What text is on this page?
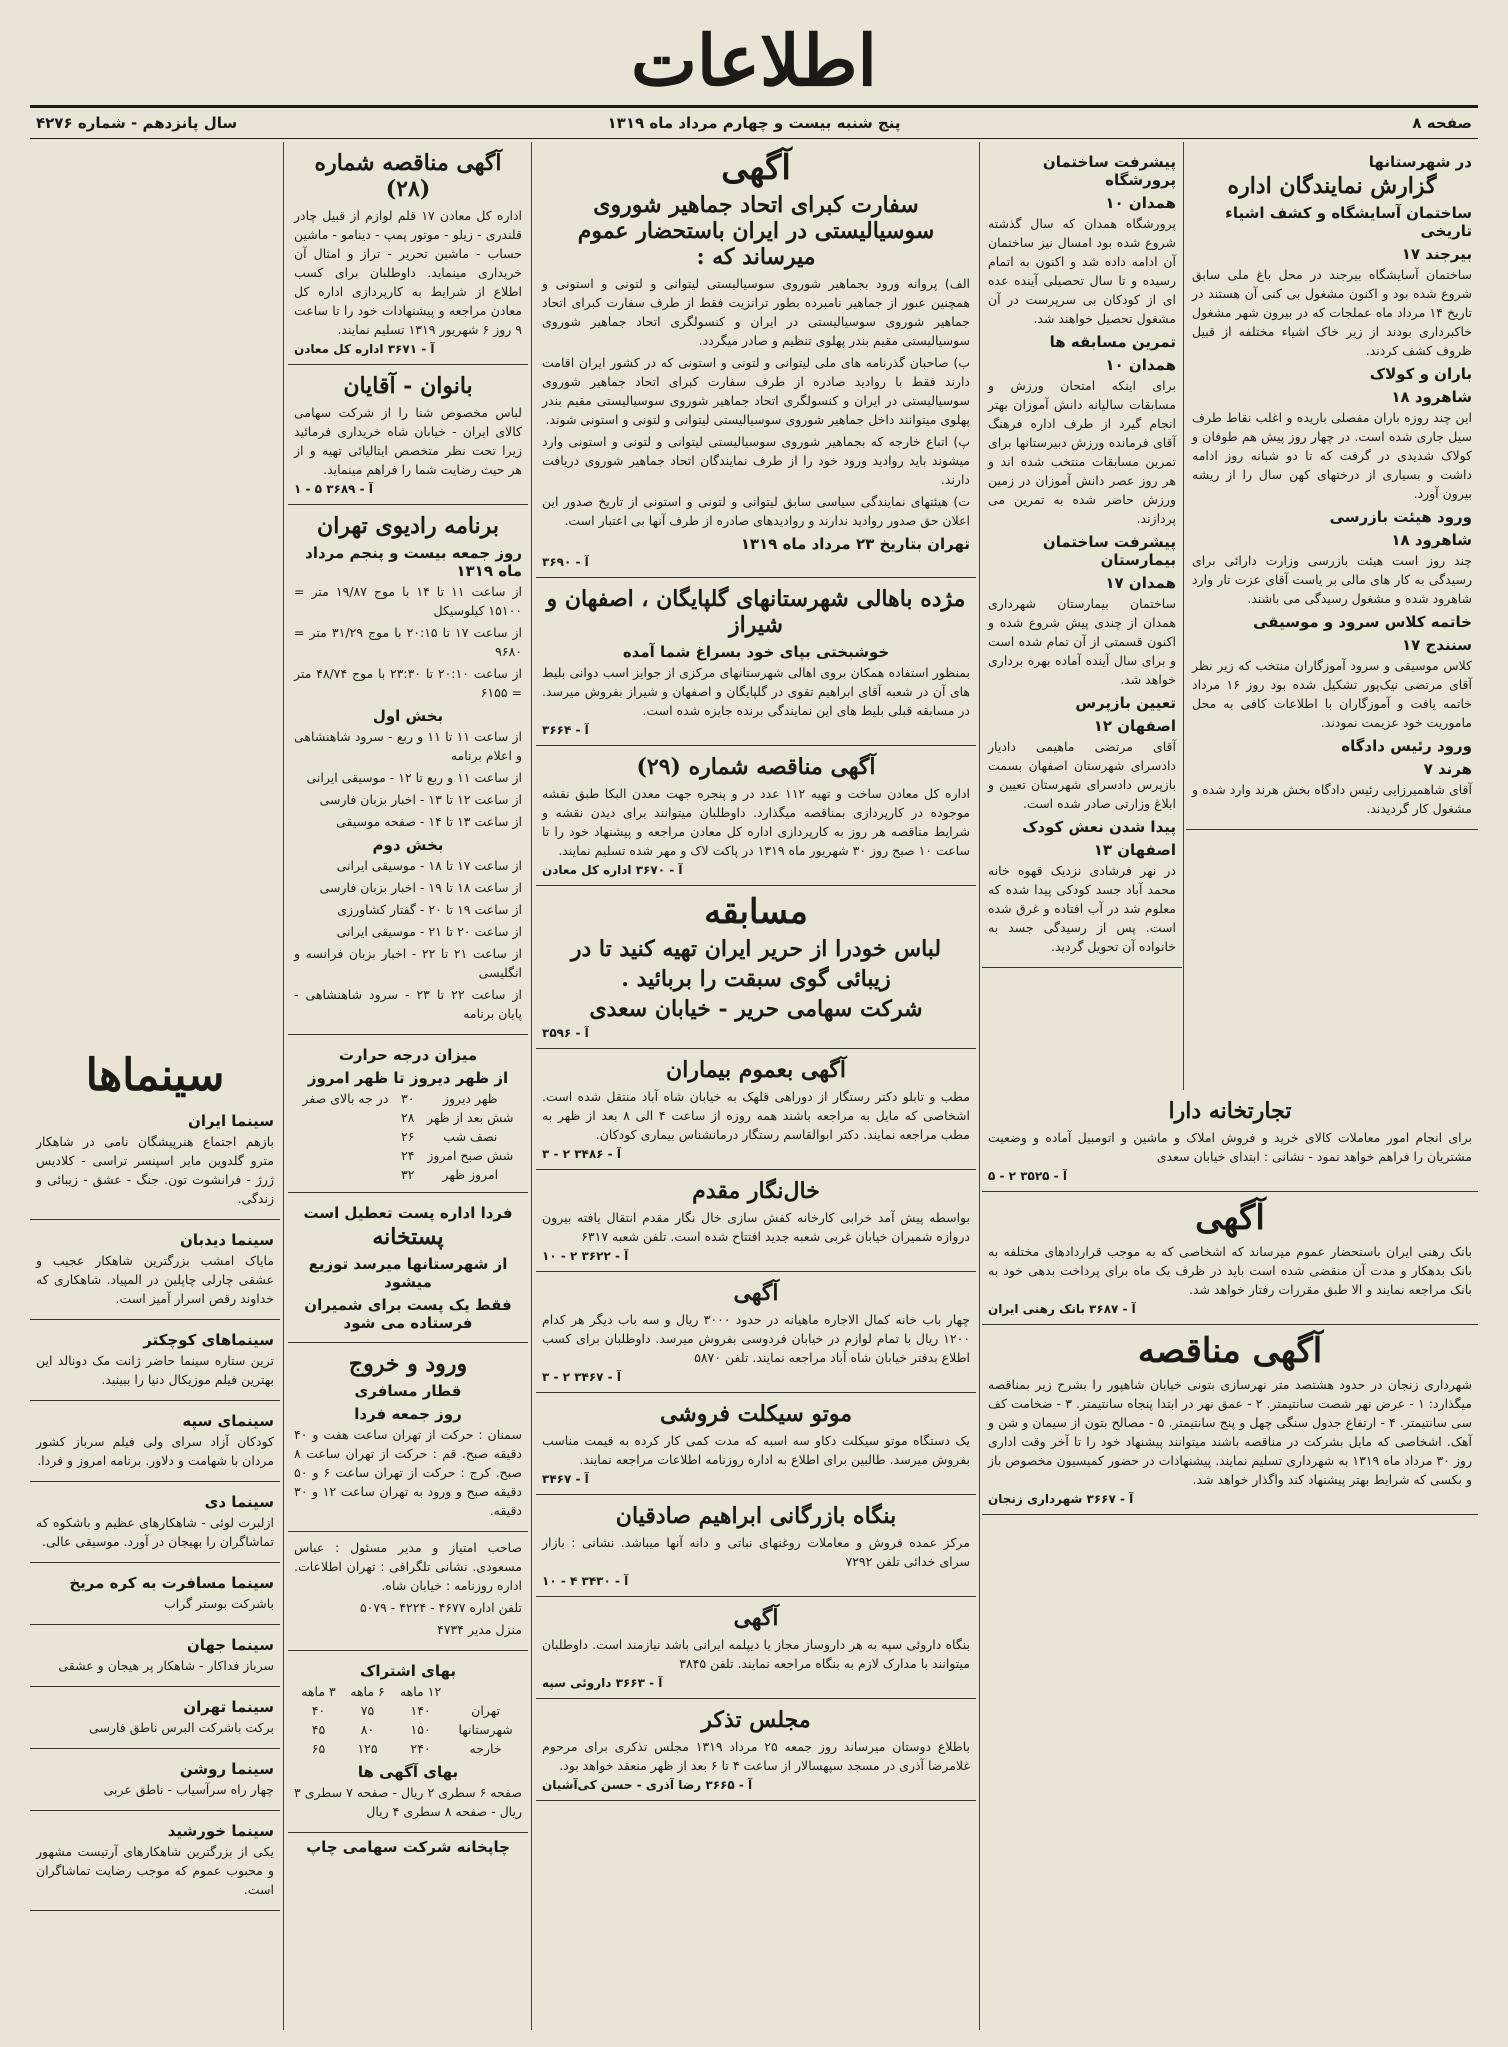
اطلاعات
صفحه ۸
پنج شنبه بیست و چهارم مرداد ماه ۱۳۱۹
سال پانزدهم - شماره ۴۲۷۶
در شهرستانها
گزارش نمایندگان اداره
ساختمان آسایشگاه و کشف اشیاء تاریخی
بیرجند ۱۷
ساختمان آسایشگاه بیرجند در محل باغ ملی سابق شروع شده بود و اکنون مشغول بی کنی آن هستند در تاریخ ۱۴ مرداد ماه عملجات که در بیرون شهر مشغول خاکبرداری بودند از زیر خاک اشیاء مختلفه از قبیل ظروف کشف کردند.
باران و کولاک
شاهرود ۱۸
این چند روزه باران مفصلی باریده و اغلب نقاط طرف سیل جاری شده است. در چهار روز پیش هم طوفان و کولاک شدیدی در گرفت که تا دو شبانه روز ادامه داشت و بسیاری از درختهای کهن سال را از ریشه بیرون آورد.
ورود هیئت بازرسی
شاهرود ۱۸
چند روز است هیئت بازرسی وزارت دارائی برای رسیدگی به کار های مالی بر یاست آقای عزت تار وارد شاهرود شده و مشغول رسیدگی می باشند.
خاتمه کلاس سرود و موسیقی
سنندج ۱۷
کلاس موسیقی و سرود آموزگاران منتخب که زیر نظر آقای مرتضی نیک‌پور تشکیل شده بود روز ۱۶ مرداد خاتمه یافت و آموزگاران با اطلاعات کافی به محل ماموریت خود عزیمت نمودند.
ورود رئیس دادگاه
هرند ۷
آقای شاهمیرزایی رئیس دادگاه بخش هرند وارد شده و مشغول کار گردیدند.
پیشرفت ساختمان پرورشگاه
همدان ۱۰
پرورشگاه همدان که سال گذشته شروع شده بود امسال نیز ساختمان آن ادامه داده شد و اکنون به اتمام رسیده و تا سال تحصیلی آینده عده ای از کودکان بی سرپرست در آن مشغول تحصیل خواهند شد.
تمرین مسابقه ها
همدان ۱۰
برای اینکه امتحان ورزش و مسابقات سالیانه دانش آموزان بهتر انجام گیرد از طرف اداره فرهنگ آقای فرمانده ورزش دبیرستانها برای تمرین مسابقات منتخب شده اند و هر روز عصر دانش آموزان در زمین ورزش حاضر شده به تمرین می پردازند.
پیشرفت ساختمان بیمارستان
همدان ۱۷
ساختمان بیمارستان شهرداری همدان از چندی پیش شروع شده و اکنون قسمتی از آن تمام شده است و برای سال آینده آماده بهره برداری خواهد شد.
تعیین بازپرس
اصفهان ۱۲
آقای مرتضی ماهیمی دادیار دادسرای شهرستان اصفهان بسمت بازپرس دادسرای شهرستان تعیین و ابلاغ وزارتی صادر شده است.
پیدا شدن نعش کودک
اصفهان ۱۳
در نهر فرشادی نزدیک قهوه خانه محمد آباد جسد کودکی پیدا شده که معلوم شد در آب افتاده و غرق شده است. پس از رسیدگی جسد به خانواده آن تحویل گردید.
تجارتخانه دارا
برای انجام امور معاملات کالای خرید و فروش املاک و ماشین و اتومبیل آماده و وضعیت مشتریان را فراهم خواهد نمود - نشانی : ابتدای خیابان سعدی
آ - ۳۵۲۵ ۲ - ۵
آگهی
بانک رهنی ایران باستحضار عموم میرساند که اشخاصی که به موجب قراردادهای مختلفه به بانک بدهکار و مدت آن منقضی شده است باید در ظرف یک ماه برای پرداخت بدهی خود به بانک مراجعه نمایند و الا طبق مقررات رفتار خواهد شد.
آ - ۳۶۸۷ بانک رهنی ایران
آگهی مناقصه
شهرداری زنجان در حدود هشتصد متر نهرسازی بتونی خیابان شاهپور را بشرح زیر بمناقصه میگذارد: ۱ - عرض نهر شصت سانتیمتر. ۲ - عمق نهر در ابتدا پنجاه سانتیمتر. ۳ - ضخامت کف سی سانتیمتر. ۴ - ارتفاع جدول سنگی چهل و پنج سانتیمتر. ۵ - مصالح بتون از سیمان و شن و آهک. اشخاصی که مایل بشرکت در مناقصه باشند میتوانند پیشنهاد خود را تا آخر وقت اداری روز ۳۰ مرداد ماه ۱۳۱۹ به شهرداری تسلیم نمایند. پیشنهادات در حضور کمیسیون مخصوص باز و بکسی که شرایط بهتر پیشنهاد کند واگذار خواهد شد.
آ - ۳۶۶۷ شهرداری زنجان
آگهی
سفارت کبرای اتحاد جماهیر شوروی سوسیالیستی در ایران باستحضار عموم میرساند که :
الف) پروانه ورود بجماهیر شوروی سوسیالیستی لیتوانی و لتونی و استونی و همچنین عبور از جماهیر نامبرده بطور ترانزیت فقط از طرف سفارت کبرای اتحاد جماهیر شوروی سوسیالیستی در ایران و کنسولگری اتحاد جماهیر شوروی سوسیالیستی مقیم بندر پهلوی تنظیم و صادر میگردد.
ب) صاحبان گذرنامه های ملی لیتوانی و لتونی و استونی که در کشور ایران اقامت دارند فقط با روادید صادره از طرف سفارت کبرای اتحاد جماهیر شوروی سوسیالیستی در ایران و کنسولگری اتحاد جماهیر شوروی سوسیالیستی مقیم بندر پهلوی میتوانند داخل جماهیر شوروی سوسیالیستی لیتوانی و لتونی و استونی شوند.
پ) اتباع خارجه که بجماهیر شوروی سوسیالیستی لیتوانی و لتونی و استونی وارد میشوند باید روادید ورود خود را از طرف نمایندگان اتحاد جماهیر شوروی دریافت دارند.
ت) هیئتهای نمایندگی سیاسی سابق لیتوانی و لتونی و استونی از تاریخ صدور این اعلان حق صدور روادید ندارند و روادیدهای صادره از طرف آنها بی اعتبار است.
تهران بتاریخ ۲۳ مرداد ماه ۱۳۱۹
آ - ۳۶۹۰
مژده باهالی شهرستانهای گلپایگان ، اصفهان و شیراز
خوشبختی بپای خود بسراغ شما آمده
بمنظور استفاده همکان بروی اهالی شهرستانهای مرکزی از جوایز اسب دوانی بلیط های آن در شعبه آقای ابراهیم تقوی در گلپایگان و اصفهان و شیراز بفروش میرسد. در مسابقه قبلی بلیط های این نمایندگی برنده جایزه شده است.
آ - ۳۶۶۴
آگهی مناقصه شماره (۲۹)
اداره کل معادن ساخت و تهیه ۱۱۲ عدد در و پنجره جهت معدن البکا طبق نقشه موجوده در کارپردازی بمناقصه میگذارد. داوطلبان میتوانند برای دیدن نقشه و شرایط مناقصه هر روز به کارپردازی اداره کل معادن مراجعه و پیشنهاد خود را تا ساعت ۱۰ صبح روز ۳۰ شهریور ماه ۱۳۱۹ در پاکت لاک و مهر شده تسلیم نمایند.
آ - ۳۶۷۰ اداره کل معادن
مسابقه
لباس خودرا از حریر ایران تهیه کنید تا در
زیبائی گوی سبقت را بربائید .
شرکت سهامی حریر - خیابان سعدی
آ - ۳۵۹۶
آگهی بعموم بیماران
مطب و تابلو دکتر رستگار از دوراهی قلهک به خیابان شاه آباد منتقل شده است. اشخاصی که مایل به مراجعه باشند همه روزه از ساعت ۴ الی ۸ بعد از ظهر به مطب مراجعه نمایند. دکتر ابوالقاسم رستگار درمانشناس بیماری کودکان.
آ - ۳۴۸۶ ۲ - ۳
خال‌نگار مقدم
بواسطه پیش آمد خرابی کارخانه کفش سازی خال نگار مقدم انتقال یافته بیرون دروازه شمیران خیابان غربی شعبه جدید افتتاح شده است. تلفن شعبه ۶۳۱۷
آ - ۳۶۲۲ ۲ - ۱۰
آگهی
چهار باب خانه کمال الاجاره ماهیانه در حدود ۳۰۰۰ ریال و سه باب دیگر هر کدام ۱۲۰۰ ریال با تمام لوازم در خیابان فردوسی بفروش میرسد. داوطلبان برای کسب اطلاع بدفتر خیابان شاه آباد مراجعه نمایند. تلفن ۵۸۷۰
آ - ۳۴۶۷ ۲ - ۳
موتو سیکلت فروشی
یک دستگاه موتو سیکلت دکاو سه اسبه که مدت کمی کار کرده به قیمت مناسب بفروش میرسد. طالبین برای اطلاع به اداره روزنامه اطلاعات مراجعه نمایند.
آ - ۳۴۶۷
بنگاه بازرگانی ابراهیم صادقیان
مرکز عمده فروش و معاملات روغنهای نباتی و دانه آنها میباشد. نشانی : بازار سرای خدائی تلفن ۷۲۹۲
آ - ۳۴۳۰ ۴ - ۱۰
آگهی
بنگاه داروئی سپه به هر داروساز مجاز یا دیپلمه ایرانی باشد نیازمند است. داوطلبان میتوانند با مدارک لازم به بنگاه مراجعه نمایند. تلفن ۳۸۴۵
آ - ۳۶۶۳ داروئی سپه
مجلس تذکر
باطلاع دوستان میرساند روز جمعه ۲۵ مرداد ۱۳۱۹ مجلس تذکری برای مرحوم غلامرضا آذری در مسجد سپهسالار از ساعت ۴ تا ۶ بعد از ظهر منعقد خواهد بود.
آ - ۳۶۶۵ رضا آذری - حسن کی‌آشیان
آگهی مناقصه شماره (۲۸)
اداره کل معادن ۱۷ قلم لوازم از قبیل چادر قلندری - زیلو - موتور پمپ - دینامو - ماشین حساب - ماشین تحریر - تراز و امثال آن خریداری مینماید. داوطلبان برای کسب اطلاع از شرایط به کارپردازی اداره کل معادن مراجعه و پیشنهادات خود را تا ساعت ۹ روز ۶ شهریور ۱۳۱۹ تسلیم نمایند.
آ - ۳۶۷۱ اداره کل معادن
بانوان - آقایان
لباس مخصوص شنا را از شرکت سهامی کالای ایران - خیابان شاه خریداری فرمائید زیرا تحت نظر متخصص ایتالیائی تهیه و از هر حیث رضایت شما را فراهم مینماید.
آ - ۳۶۸۹ ۵ - ۱
برنامه رادیوی تهران
روز جمعه بیست و پنجم مرداد ماه ۱۳۱۹
از ساعت ۱۱ تا ۱۴ با موج ۱۹/۸۷ متر = ۱۵۱۰۰ کیلوسیکل
از ساعت ۱۷ تا ۲۰:۱۵ با موج ۳۱/۲۹ متر = ۹۶۸۰
از ساعت ۲۰:۱۰ تا ۲۳:۳۰ با موج ۴۸/۷۴ متر = ۶۱۵۵
بخش اول
از ساعت ۱۱ تا ۱۱ و ربع - سرود شاهنشاهی و اعلام برنامه
از ساعت ۱۱ و ربع تا ۱۲ - موسیقی ایرانی
از ساعت ۱۲ تا ۱۳ - اخبار بزبان فارسی
از ساعت ۱۳ تا ۱۴ - صفحه موسیقی
بخش دوم
از ساعت ۱۷ تا ۱۸ - موسیقی ایرانی
از ساعت ۱۸ تا ۱۹ - اخبار بزبان فارسی
از ساعت ۱۹ تا ۲۰ - گفتار کشاورزی
از ساعت ۲۰ تا ۲۱ - موسیقی ایرانی
از ساعت ۲۱ تا ۲۲ - اخبار بزبان فرانسه و انگلیسی
از ساعت ۲۲ تا ۲۳ - سرود شاهنشاهی - پایان برنامه
میزان درجه حرارت
از ظهر دیروز تا ظهر امروز
ظهر دیروز	۳۰	در جه بالای صفر
شش بعد از ظهر	۲۸	
نصف شب	۲۶	
شش صبح امروز	۲۴	
امروز ظهر	۳۲	
فردا اداره پست تعطیل است
پستخانه
از شهرستانها میرسد توزیع میشود
فقط یک پست برای شمیران فرستاده می شود
ورود و خروج
قطار مسافری
روز جمعه فردا
سمنان : حرکت از تهران ساعت هفت و ۴۰ دقیقه صبح. قم : حرکت از تهران ساعت ۸ صبح. کرج : حرکت از تهران ساعت ۶ و ۵۰ دقیقه صبح و ورود به تهران ساعت ۱۲ و ۳۰ دقیقه.
صاحب امتیاز و مدیر مسئول : عباس مسعودی. نشانی تلگرافی : تهران اطلاعات. اداره روزنامه : خیابان شاه.
تلفن اداره ۴۶۷۷ - ۴۲۲۴ - ۵۰۷۹
منزل مدیر ۴۷۳۴
بهای اشتراک
	۱۲ ماهه	۶ ماهه	۳ ماهه
تهران	۱۴۰	۷۵	۴۰
شهرستانها	۱۵۰	۸۰	۴۵
خارجه	۲۴۰	۱۲۵	۶۵
بهای آگهی ها
صفحه ۶ سطری ۲ ریال - صفحه ۷ سطری ۳ ریال - صفحه ۸ سطری ۴ ریال
چاپخانه شرکت سهامی چاپ
سینماها
سینما ایران
بازهم اجتماع هنرپیشگان نامی در شاهکار مترو گلدوین مایر اسپنسر تراسی - کلادیس ژرژ - فرانشوت تون. جنگ - عشق - زیبائی و زندگی.
سینما دیدبان
مایاک امشب بزرگترین شاهکار عجیب و عشقی چارلی چاپلین در المپیاد. شاهکاری که خداوند رقص اسرار آمیز است.
سینماهای کوچکتر
ترین ستاره سینما حاضر ژانت مک دونالد این بهترین فیلم موزیکال دنیا را ببینید.
سینمای سپه
کودکان آزاد سرای ولی فیلم سرباز کشور مردان با شهامت و دلاور. برنامه امروز و فردا.
سینما دی
ازلبرت لوئی - شاهکارهای عظیم و باشکوه که تماشاگران را بهیجان در آورد. موسیقی عالی.
سینما مسافرت به کره مریخ
باشرکت بوستر گراب
سینما جهان
سرباز فداکار - شاهکار پر هیجان و عشقی
سینما تهران
برکت باشرکت البرس ناطق فارسی
سینما روشن
چهار راه سرآسیاب - ناطق عربی
سینما خورشید
یکی از بزرگترین شاهکارهای آرتیست مشهور و محبوب عموم که موجب رضایت تماشاگران است.
